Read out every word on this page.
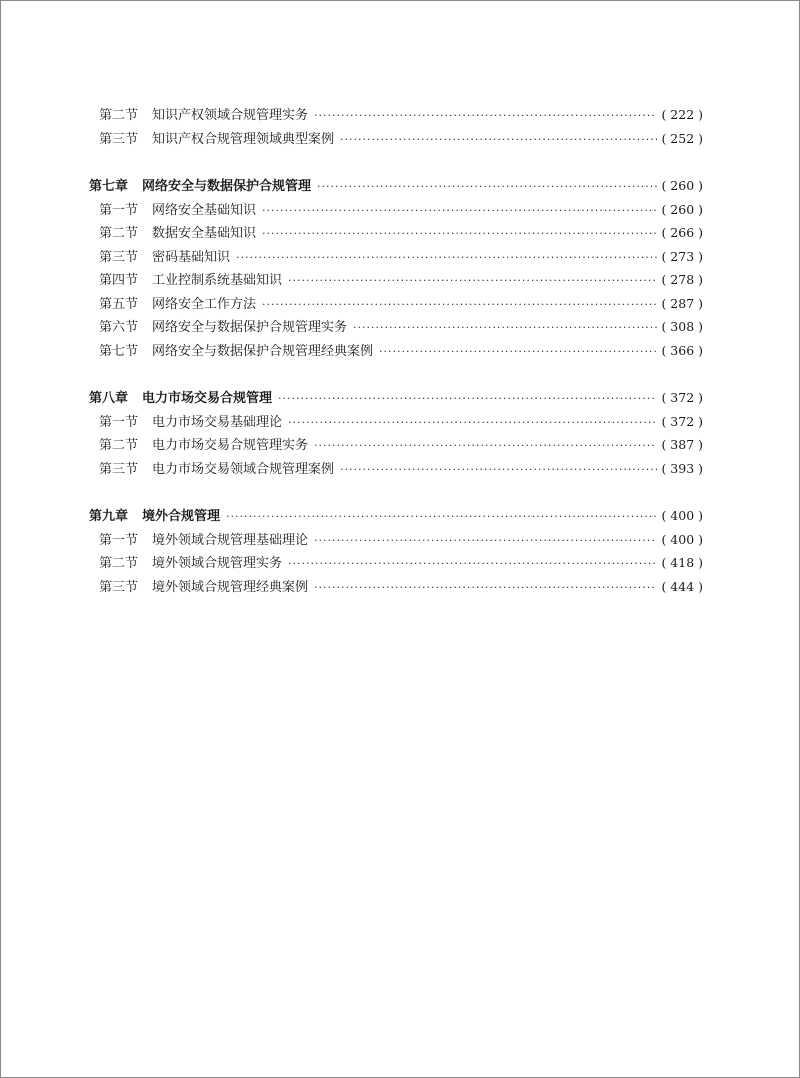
第二节 知识产权领域合规管理实务 ·····	( 222 )
第三节 知识产权合规管理领域典型案例 ·····	( 252 )
第七章 网络安全与数据保护合规管理 ·····	( 260 )
第一节 网络安全基础知识 ·····	( 260 )
第二节 数据安全基础知识 ·····	( 266 )
第三节 密码基础知识 ·····	( 273 )
第四节 工业控制系统基础知识 ·····	( 278 )
第五节 网络安全工作方法 ·····	( 287 )
第六节 网络安全与数据保护合规管理实务 ·····	( 308 )
第七节 网络安全与数据保护合规管理经典案例 ·····	( 366 )
第八章 电力市场交易合规管理 ·····	( 372 )
第一节 电力市场交易基础理论 ·····	( 372 )
第二节 电力市场交易合规管理实务 ·····	( 387 )
第三节 电力市场交易领域合规管理案例 ·····	( 393 )
第九章 境外合规管理 ·····	( 400 )
第一节 境外领域合规管理基础理论 ·····	( 400 )
第二节 境外领域合规管理实务 ·····	( 418 )
第三节 境外领域合规管理经典案例 ·····	( 444 )
